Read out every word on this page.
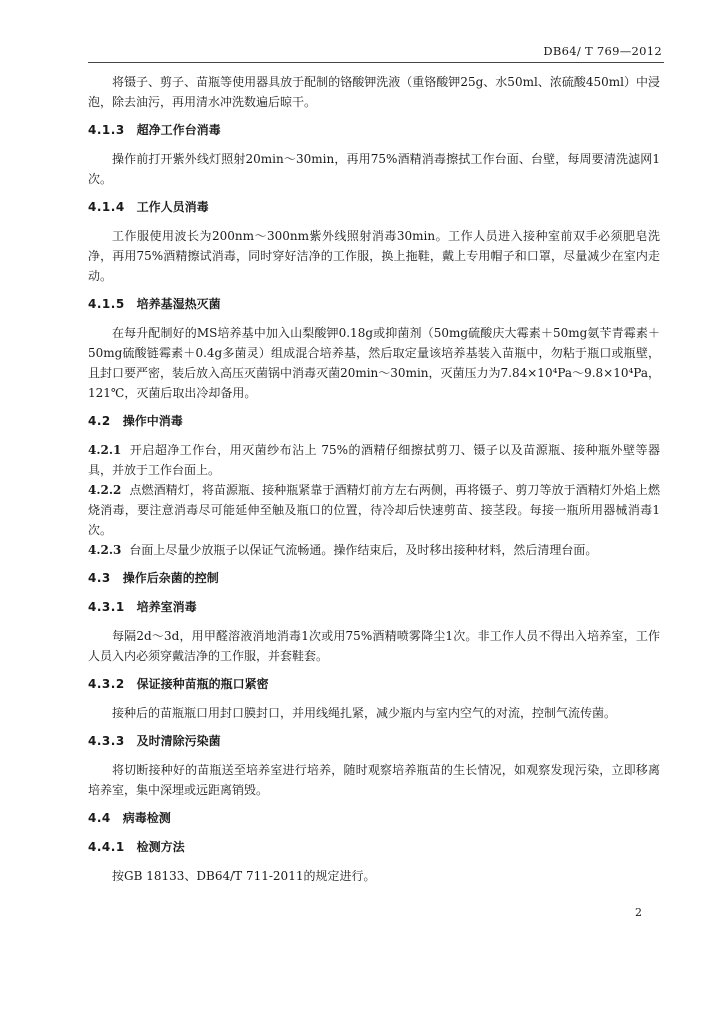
DB64/ T 769—2012

将镊子、剪子、苗瓶等使用器具放于配制的铬酸钾洗液（重铬酸钾25g、水50ml、浓硫酸450ml）中浸泡，除去油污，再用清水冲洗数遍后晾干。

4.1.3 超净工作台消毒

操作前打开紫外线灯照射20min～30min，再用75%酒精消毒擦拭工作台面、台壁，每周要清洗滤网1次。

4.1.4 工作人员消毒

工作服使用波长为200nm～300nm紫外线照射消毒30min。工作人员进入接种室前双手必须肥皂洗净，再用75%酒精擦试消毒，同时穿好洁净的工作服，换上拖鞋，戴上专用帽子和口罩，尽量减少在室内走动。

4.1.5 培养基湿热灭菌

在每升配制好的MS培养基中加入山梨酸钾0.18g或抑菌剂（50mg硫酸庆大霉素＋50mg氨苄青霉素＋50mg硫酸链霉素＋0.4g多菌灵）组成混合培养基，然后取定量该培养基装入苗瓶中，勿粘于瓶口或瓶壁，且封口要严密，装后放入高压灭菌锅中消毒灭菌20min～30min，灭菌压力为7.84×10⁴Pa～9.8×10⁴Pa，121℃，灭菌后取出冷却备用。

4.2 操作中消毒

4.2.1 开启超净工作台，用灭菌纱布沾上 75%的酒精仔细擦拭剪刀、镊子以及苗源瓶、接种瓶外壁等器具，并放于工作台面上。

4.2.2 点燃酒精灯，将苗源瓶、接种瓶紧靠于酒精灯前方左右两侧，再将镊子、剪刀等放于酒精灯外焰上燃烧消毒，要注意消毒尽可能延伸至触及瓶口的位置，待冷却后快速剪苗、接茎段。每接一瓶所用器械消毒1次。

4.2.3 台面上尽量少放瓶子以保证气流畅通。操作结束后，及时移出接种材料，然后清理台面。

4.3 操作后杂菌的控制
4.3.1 培养室消毒

每隔2d～3d，用甲醛溶液消地消毒1次或用75%酒精喷雾降尘1次。非工作人员不得出入培养室，工作人员入内必须穿戴洁净的工作服，并套鞋套。

4.3.2 保证接种苗瓶的瓶口紧密

接种后的苗瓶瓶口用封口膜封口，并用线绳扎紧，减少瓶内与室内空气的对流，控制气流传菌。

4.3.3 及时清除污染菌

将切断接种好的苗瓶送至培养室进行培养，随时观察培养瓶苗的生长情况，如观察发现污染，立即移离培养室，集中深埋或远距离销毁。

4.4 病毒检测
4.4.1 检测方法

按GB 18133、DB64/T 711-2011的规定进行。

2
